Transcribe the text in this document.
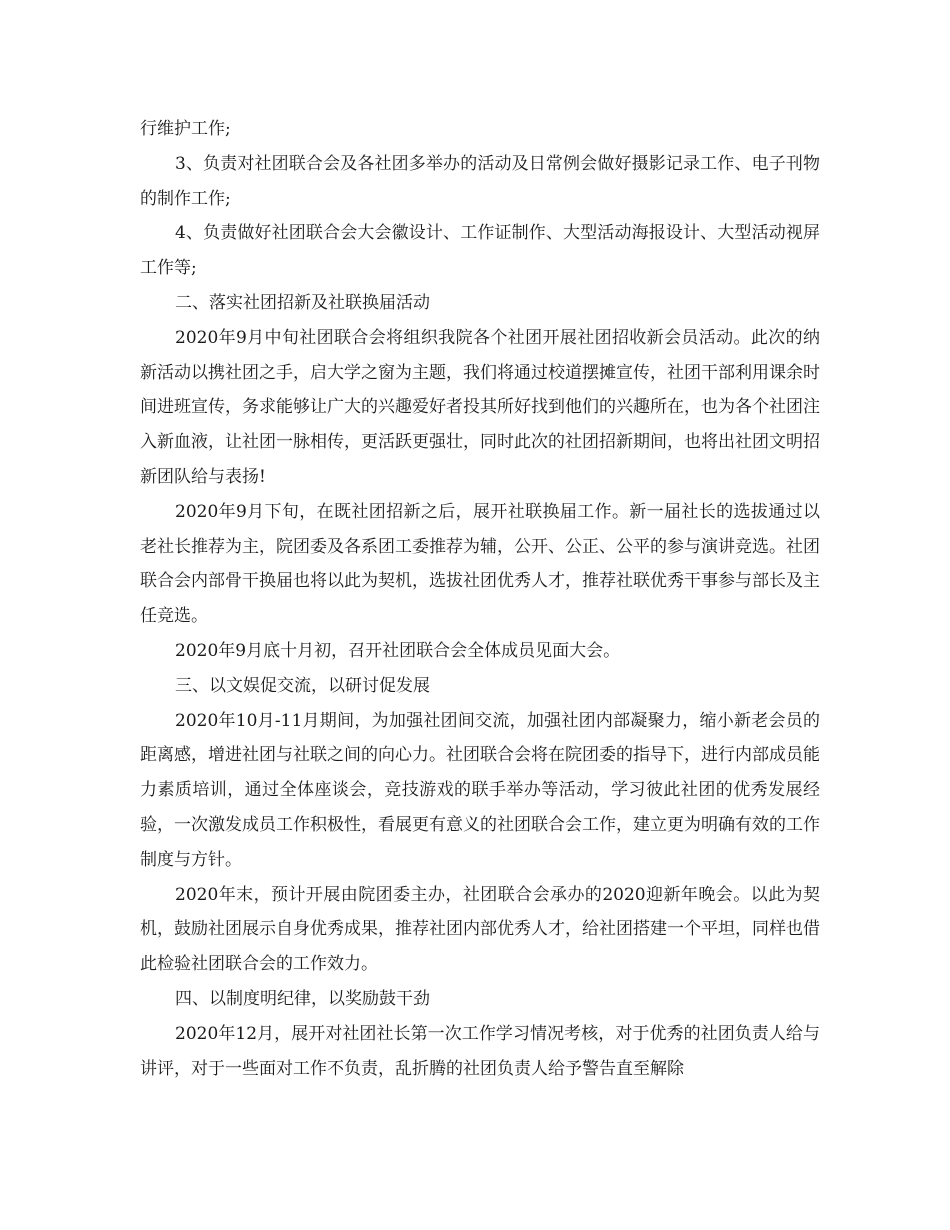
行维护工作;

3、负责对社团联合会及各社团多举办的活动及日常例会做好摄影记录工作、电子刊物的制作工作;

4、负责做好社团联合会大会徽设计、工作证制作、大型活动海报设计、大型活动视屏工作等;

二、落实社团招新及社联换届活动

2020年9月中旬社团联合会将组织我院各个社团开展社团招收新会员活动。此次的纳新活动以携社团之手，启大学之窗为主题，我们将通过校道摆摊宣传，社团干部利用课余时间进班宣传，务求能够让广大的兴趣爱好者投其所好找到他们的兴趣所在，也为各个社团注入新血液，让社团一脉相传，更活跃更强壮，同时此次的社团招新期间，也将出社团文明招新团队给与表扬!

2020年9月下旬，在既社团招新之后，展开社联换届工作。新一届社长的选拔通过以老社长推荐为主，院团委及各系团工委推荐为辅，公开、公正、公平的参与演讲竞选。社团联合会内部骨干换届也将以此为契机，选拔社团优秀人才，推荐社联优秀干事参与部长及主任竞选。

2020年9月底十月初，召开社团联合会全体成员见面大会。

三、以文娱促交流，以研讨促发展

2020年10月-11月期间，为加强社团间交流，加强社团内部凝聚力，缩小新老会员的距离感，增进社团与社联之间的向心力。社团联合会将在院团委的指导下，进行内部成员能力素质培训，通过全体座谈会，竞技游戏的联手举办等活动，学习彼此社团的优秀发展经验，一次激发成员工作积极性，看展更有意义的社团联合会工作，建立更为明确有效的工作制度与方针。

2020年末，预计开展由院团委主办，社团联合会承办的2020迎新年晚会。以此为契机，鼓励社团展示自身优秀成果，推荐社团内部优秀人才，给社团搭建一个平坦，同样也借此检验社团联合会的工作效力。

四、以制度明纪律，以奖励鼓干劲

2020年12月，展开对社团社长第一次工作学习情况考核，对于优秀的社团负责人给与讲评，对于一些面对工作不负责，乱折腾的社团负责人给予警告直至解除
